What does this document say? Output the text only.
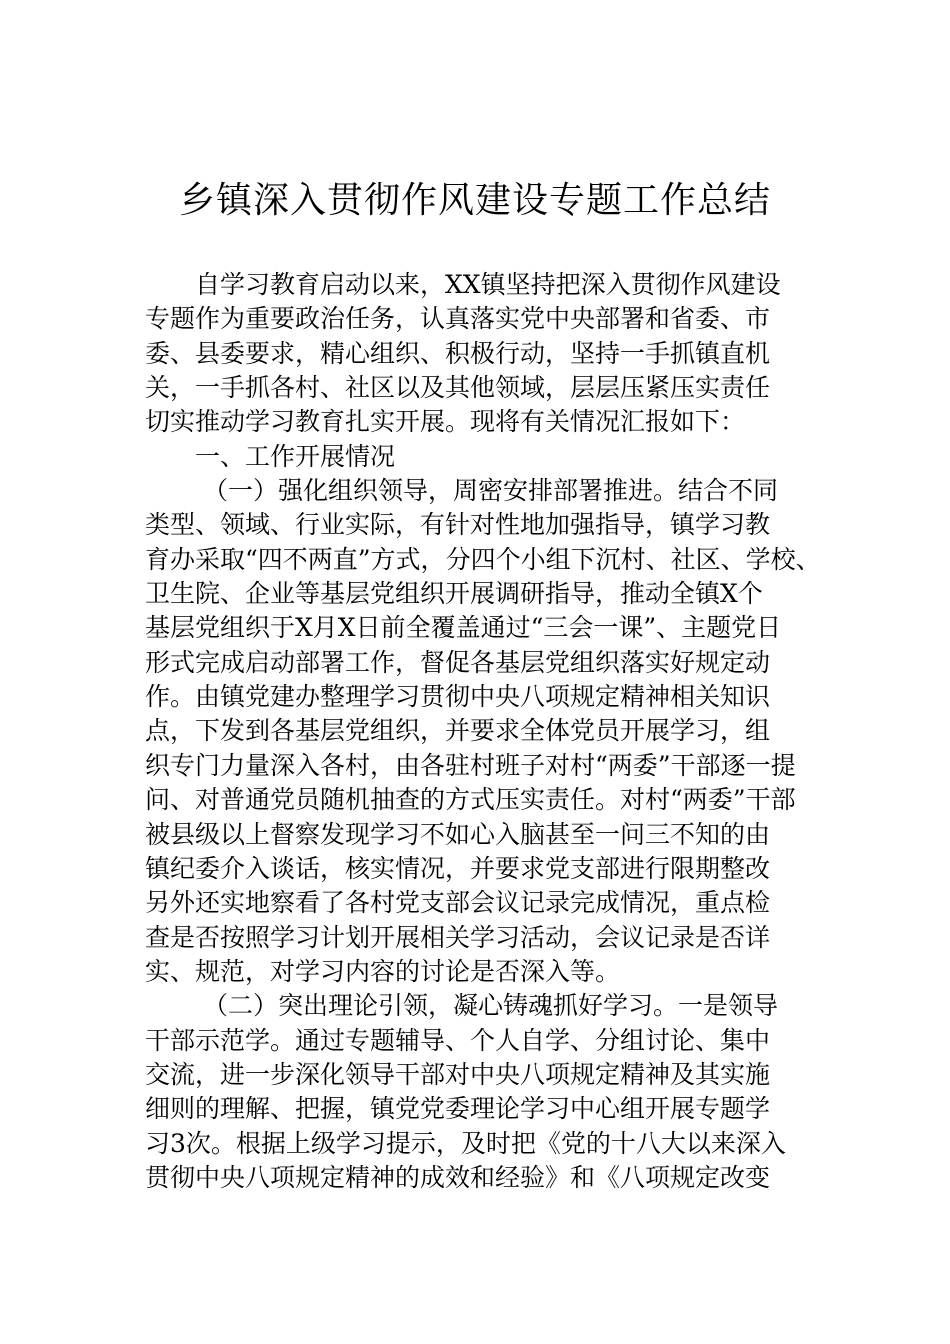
乡镇深入贯彻作风建设专题工作总结
自学习教育启动以来，XX镇坚持把深入贯彻作风建设
专题作为重要政治任务，认真落实党中央部署和省委、市
委、县委要求，精心组织、积极行动，坚持一手抓镇直机
关，一手抓各村、社区以及其他领域，层层压紧压实责任
切实推动学习教育扎实开展。现将有关情况汇报如下：
一、工作开展情况
（一）强化组织领导，周密安排部署推进。结合不同
类型、领域、行业实际，有针对性地加强指导，镇学习教
育办采取“四不两直”方式，分四个小组下沉村、社区、学校、
卫生院、企业等基层党组织开展调研指导，推动全镇X个
基层党组织于X月X日前全覆盖通过“三会一课”、主题党日
形式完成启动部署工作，督促各基层党组织落实好规定动
作。由镇党建办整理学习贯彻中央八项规定精神相关知识
点，下发到各基层党组织，并要求全体党员开展学习，组
织专门力量深入各村，由各驻村班子对村“两委”干部逐一提
问、对普通党员随机抽查的方式压实责任。对村“两委”干部
被县级以上督察发现学习不如心入脑甚至一问三不知的由
镇纪委介入谈话，核实情况，并要求党支部进行限期整改
另外还实地察看了各村党支部会议记录完成情况，重点检
查是否按照学习计划开展相关学习活动，会议记录是否详
实、规范，对学习内容的讨论是否深入等。
（二）突出理论引领，凝心铸魂抓好学习。一是领导
干部示范学。通过专题辅导、个人自学、分组讨论、集中
交流，进一步深化领导干部对中央八项规定精神及其实施
细则的理解、把握，镇党党委理论学习中心组开展专题学
习3次。根据上级学习提示，及时把《党的十八大以来深入
贯彻中央八项规定精神的成效和经验》和《八项规定改变
